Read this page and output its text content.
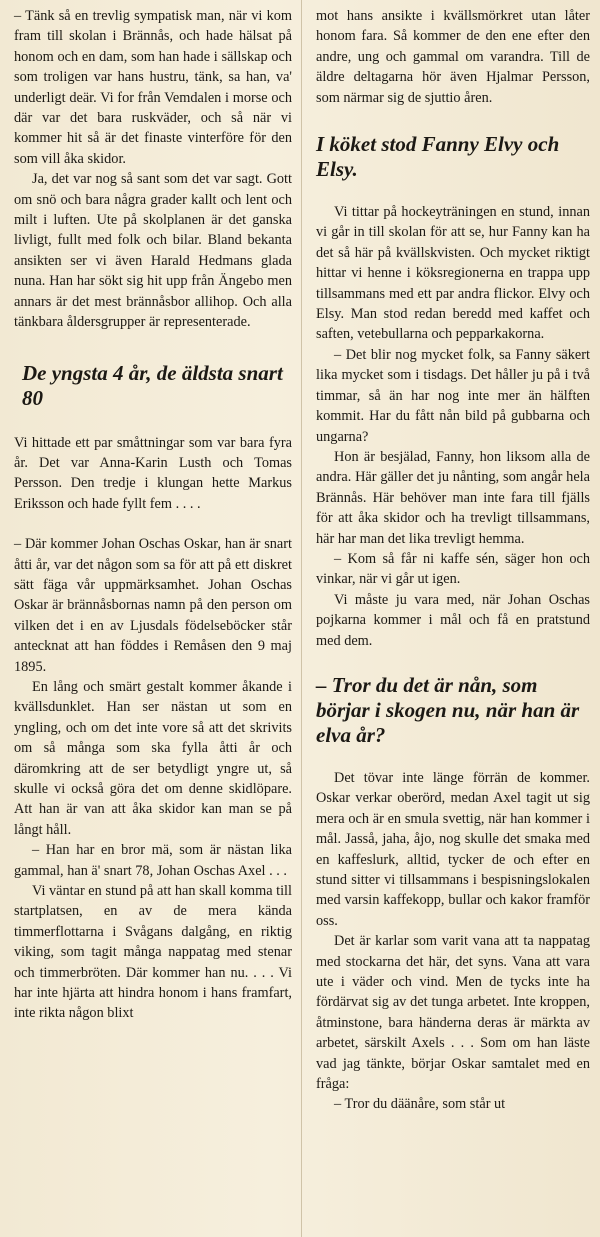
– Tänk så en trevlig sympatisk man, när vi kom fram till skolan i Brännås, och hade hälsat på honom och en dam, som han hade i sällskap och som troligen var hans hustru, tänk, sa han, va' underligt deär. Vi for från Vemdalen i morse och där var det bara ruskväder, och så när vi kommer hit så är det finaste vinterföre för den som vill åka skidor.

Ja, det var nog så sant som det var sagt. Gott om snö och bara några grader kallt och lent och milt i luften. Ute på skolplanen är det ganska livligt, fullt med folk och bilar. Bland bekanta ansikten ser vi även Harald Hedmans glada nuna. Han har sökt sig hit upp från Ängebo men annars är det mest brännåsbor allihop. Och alla tänkbara åldersgrupper är representerade.

De yngsta 4 år, de äldsta snart 80

Vi hittade ett par småttningar som var bara fyra år. Det var Anna-Karin Lusth och Tomas Persson. Den tredje i klungan hette Markus Eriksson och hade fyllt fem . . . .

– Där kommer Johan Oschas Oskar, han är snart åtti år, var det någon som sa för att på ett diskret sätt fäga vår uppmärksamhet. Johan Oschas Oskar är brännåsbornas namn på den person om vilken det i en av Ljusdals födelseböcker står antecknat att han föddes i Remåsen den 9 maj 1895.

En lång och smärt gestalt kommer åkande i kvällsdunklet. Han ser nästan ut som en yngling, och om det inte vore så att det skrivits om så många som ska fylla åtti år och däromkring att de ser betydligt yngre ut, så skulle vi också göra det om denne skidlöpare. Att han är van att åka skidor kan man se på långt håll.

– Han har en bror mä, som är nästan lika gammal, han ä' snart 78, Johan Oschas Axel . . .

Vi väntar en stund på att han skall komma till startplatsen, en av de mera kända timmerflottarna i Svågans dalgång, en riktig viking, som tagit många nappatag med stenar och timmerbröten. Där kommer han nu. . . . Vi har inte hjärta att hindra honom i hans framfart, inte rikta någon blixt

mot hans ansikte i kvällsmörkret utan låter honom fara. Så kommer de den ene efter den andre, ung och gammal om varandra. Till de äldre deltagarna hör även Hjalmar Persson, som närmar sig de sjuttio åren.

I köket stod Fanny Elvy och Elsy.

Vi tittar på hockeyträningen en stund, innan vi går in till skolan för att se, hur Fanny kan ha det så här på kvällskvisten. Och mycket riktigt hittar vi henne i köksregionerna en trappa upp tillsammans med ett par andra flickor. Elvy och Elsy. Man stod redan beredd med kaffet och saften, vetebullarna och pepparkakorna.

– Det blir nog mycket folk, sa Fanny säkert lika mycket som i tisdags. Det håller ju på i två timmar, så än har nog inte mer än hälften kommit. Har du fått nån bild på gubbarna och ungarna?

Hon är besjälad, Fanny, hon liksom alla de andra. Här gäller det ju nånting, som angår hela Brännås. Här behöver man inte fara till fjälls för att åka skidor och ha trevligt tillsammans, här har man det lika trevligt hemma.

– Kom så får ni kaffe sén, säger hon och vinkar, när vi går ut igen.

Vi måste ju vara med, när Johan Oschas pojkarna kommer i mål och få en pratstund med dem.

– Tror du det är nån, som börjar i skogen nu, när han är elva år?

Det tövar inte länge förrän de kommer. Oskar verkar oberörd, medan Axel tagit ut sig mera och är en smula svettig, när han kommer i mål. Jasså, jaha, åjo, nog skulle det smaka med en kaffeslurk, alltid, tycker de och efter en stund sitter vi tillsammans i bespisningslokalen med varsin kaffekopp, bullar och kakor framför oss.

Det är karlar som varit vana att ta nappatag med stockarna det här, det syns. Vana att vara ute i väder och vind. Men de tycks inte ha fördärvat sig av det tunga arbetet. Inte kroppen, åtminstone, bara händerna deras är märkta av arbetet, särskilt Axels . . . Som om han läste vad jag tänkte, börjar Oskar samtalet med en fråga:

– Tror du däänåre, som står ut
